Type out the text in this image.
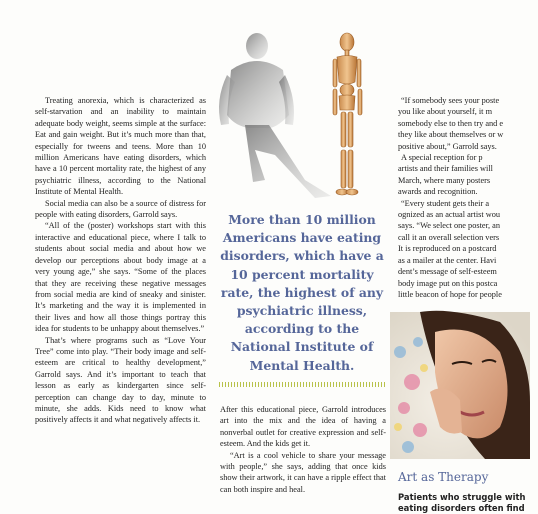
Treating anorexia, which is characterized as self-starvation and an inability to maintain adequate body weight, seems simple at the surface: Eat and gain weight. But it’s much more than that, especially for tweens and teens. More than 10 million Americans have eating disorders, which have a 10 percent mortality rate, the highest of any psychiatric illness, according to the National Institute of Mental Health.

Social media can also be a source of distress for people with eating disorders, Garrold says.

“All of the (poster) workshops start with this interactive and educational piece, where I talk to students about social media and about how we develop our perceptions about body image at a very young age,” she says. “Some of the places that they are receiving these negative messages from social media are kind of sneaky and sinister. It’s marketing and the way it is implemented in their lives and how all those things portray this idea for students to be unhappy about themselves.”

That’s where programs such as “Love Your Tree” come into play. “Their body image and self-esteem are critical to healthy development,” Garrold says. And it’s important to teach that lesson as early as kindergarten since self-perception can change day to day, minute to minute, she adds. Kids need to know what positively affects it and what negatively affects it.

More than 10 million Americans have eating disorders, which have a 10 percent mortality rate, the highest of any psychiatric illness, according to the National Institute of Mental Health.

After this educational piece, Garrold introduces art into the mix and the idea of having a nonverbal outlet for creative expression and self-esteem. And the kids get it.

“Art is a cool vehicle to share your message with people,” she says, adding that once kids show their artwork, it can have a ripple effect that can both inspire and heal.

“If somebody sees your poste
you like about yourself, it m
somebody else to then try and e
they like about themselves or w
positive about,” Garrold says.
A special reception for p
artists and their families will
March, where many posters
awards and recognition.
“Every student gets their a
ognized as an actual artist wou
says. “We select one poster, an
call it an overall selection vers
It is reproduced on a postcard
as a mailer at the center. Havi
dent’s message of self-esteem
body image put on this postca
little beacon of hope for people
Art as Therapy
Patients who struggle with
eating disorders often find
